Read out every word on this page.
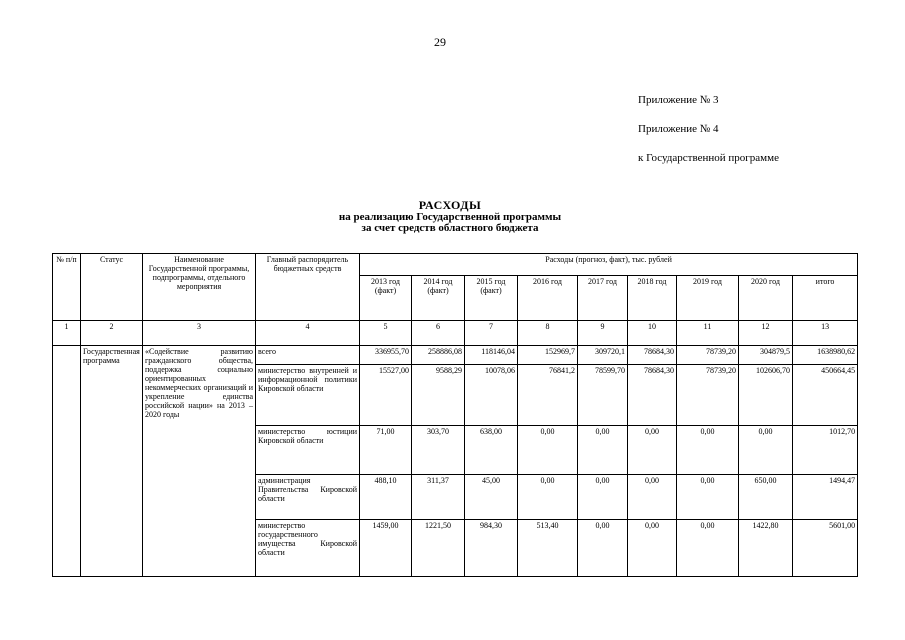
29
Приложение № 3
Приложение № 4
к Государственной программе
РАСХОДЫ
на реализацию Государственной программы
за счет средств областного бюджета
№ п/п	Статус	Наименование Государственной программы, подпрограммы, отдельного мероприятия	Главный распорядитель бюджетных средств	Расходы (прогноз, факт), тыс. рублей								
				2013 год (факт)	2014 год (факт)	2015 год (факт)	2016 год	2017 год	2018 год	2019 год	2020 год	итого
1	2	3	4	5	6	7	8	9	10	11	12	13
	Государственная программа	«Содействие развитию гражданского общества, поддержка социально ориентированных некоммерческих организаций и укрепление единства российской нации» на 2013 – 2020 годы	всего	336955,70	258886,08	118146,04	152969,7	309720,1	78684,30	78739,20	304879,5	1638980,62
			министерство внутренней и информационной политики Кировской области	15527,00	9588,29	10078,06	76841,2	78599,70	78684,30	78739,20	102606,70	450664,45
			министерство юстиции Кировской области	71,00	303,70	638,00	0,00	0,00	0,00	0,00	0,00	1012,70
			администрация Правительства Кировской области	488,10	311,37	45,00	0,00	0,00	0,00	0,00	650,00	1494,47
			министерство государственного имущества Кировской области	1459,00	1221,50	984,30	513,40	0,00	0,00	0,00	1422,80	5601,00
